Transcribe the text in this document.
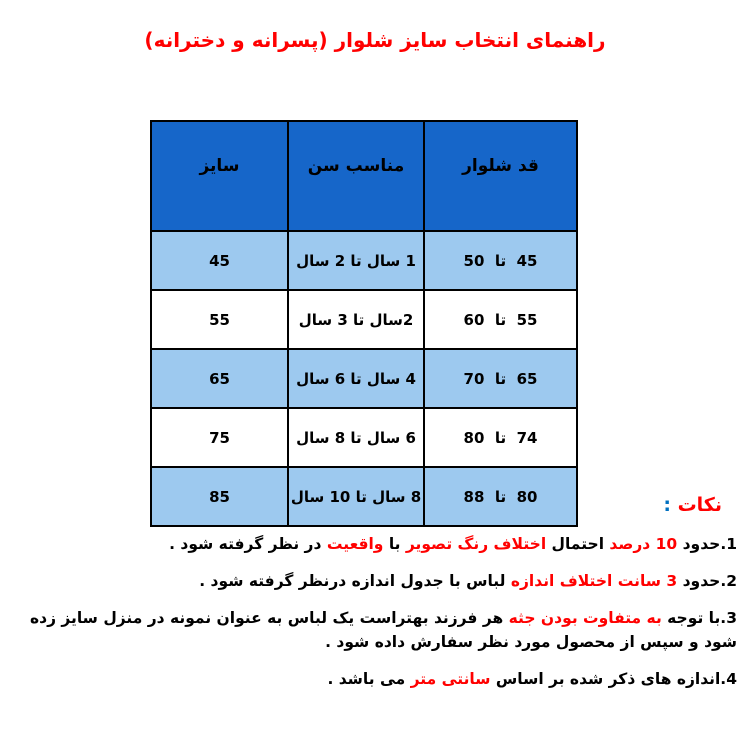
راهنمای انتخاب سایز شلوار (پسرانه و دخترانه)
قد شلوار	مناسب سن	سایز
45  تا  50	1 سال تا 2 سال	45
55  تا  60	2سال تا 3 سال	55
65  تا  70	4 سال تا 6 سال	65
74  تا  80	6 سال تا 8 سال	75
80  تا  88	8 سال تا 10 سال	85	نکات :
1.حدود 10 درصد احتمال اختلاف رنگ تصویر با واقعیت در نظر گرفته شود .
2.حدود 3 سانت اختلاف اندازه لباس با جدول اندازه درنظر گرفته شود .
3.با توجه به متفاوت بودن جثه هر فرزند بهتراست یک لباس به عنوان نمونه در منزل سایز زده شود و سپس از محصول مورد نظر سفارش داده شود .
4.اندازه های ذکر شده بر اساس سانتی متر می باشد .
